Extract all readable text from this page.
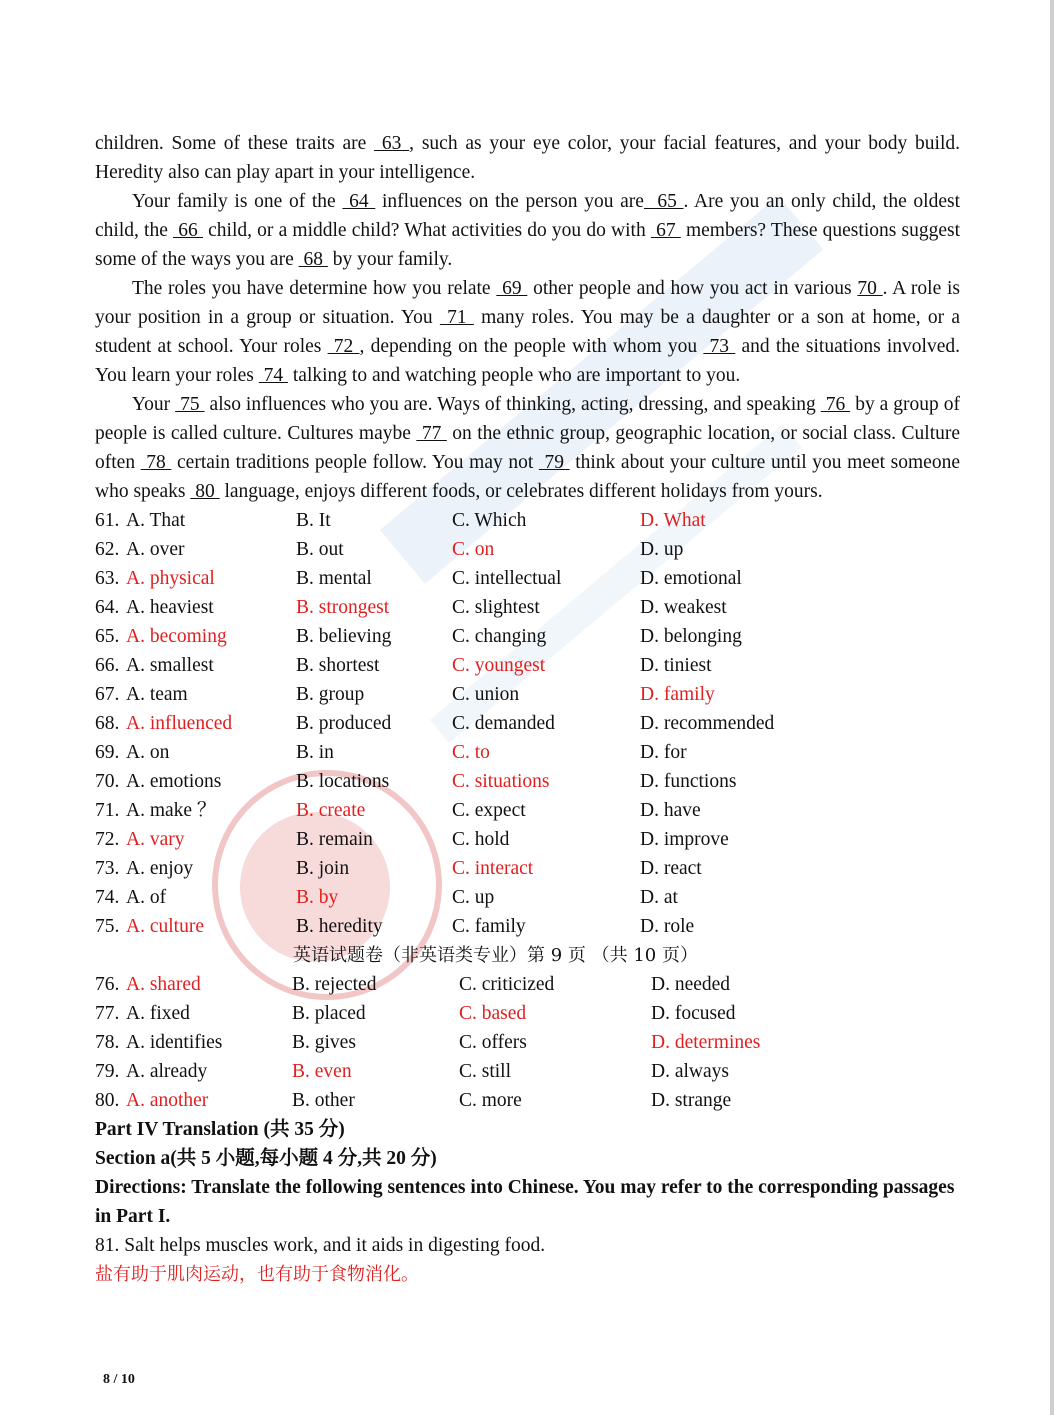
children. Some of these traits are  63 , such as your eye color, your facial features, and your body build. Heredity also can play apart in your intelligence.
Your family is one of the  64  influences on the person you are  65 . Are you an only child, the oldest child, the  66  child, or a middle child? What activities do you do with  67  members? These questions suggest some of the ways you are  68  by your family.
The roles you have determine how you relate  69  other people and how you act in various 70 . A role is your position in a group or situation. You  71  many roles. You may be a daughter or a son at home, or a student at school. Your roles  72 , depending on the people with whom you  73  and the situations involved. You learn your roles  74  talking to and watching people who are important to you.
Your  75  also influences who you are. Ways of thinking, acting, dressing, and speaking  76  by a group of people is called culture. Cultures maybe  77  on the ethnic group, geographic location, or social class. Culture often  78  certain traditions people follow. You may not  79  think about your culture until you meet someone who speaks  80  language, enjoys different foods, or celebrates different holidays from yours.
61. A. That	B. It	C. Which	D. What
62. A. over	B. out	C. on	D. up
63. A. physical	B. mental	C. intellectual	D. emotional
64. A. heaviest	B. strongest	C. slightest	D. weakest
65. A. becoming	B. believing	C. changing	D. belonging
66. A. smallest	B. shortest	C. youngest	D. tiniest
67. A. team	B. group	C. union	D. family
68. A. influenced	B. produced	C. demanded	D. recommended
69. A. on	B. in	C. to	D. for
70. A. emotions	B. locations	C. situations	D. functions
71. A. make ？	B. create	C. expect	D. have
72. A. vary	B. remain	C. hold	D. improve
73. A. enjoy	B. join	C. interact	D. react
74. A. of	B. by	C. up	D. at
75. A. culture	B. heredity	C. family	D. role
英语试题卷（非英语类专业）第 9 页 （共 10 页）
76. A. shared	B. rejected	C. criticized	D. needed
77. A. fixed	B. placed	C. based	D. focused
78. A. identifies	B. gives	C. offers	D. determines
79. A. already	B. even	C. still	D. always
80. A. another	B. other	C. more	D. strange
Part IV Translation (共 35 分)
Section a(共 5 小题,每小题 4 分,共 20 分)
Directions: Translate the following sentences into Chinese. You may refer to the corresponding passages in Part I.
81. Salt helps muscles work, and it aids in digesting food.
盐有助于肌肉运动，也有助于食物消化。
8 / 10
